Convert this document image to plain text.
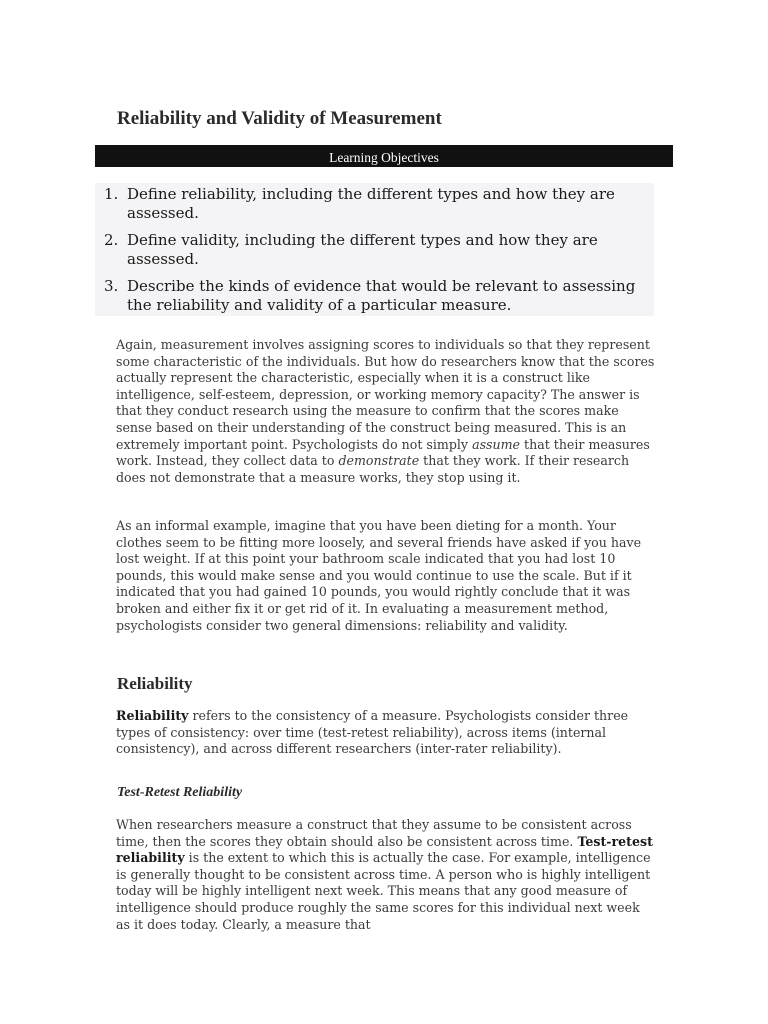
Reliability and Validity of Measurement
Learning Objectives
1. Define reliability, including the different types and how they are assessed.
2. Define validity, including the different types and how they are assessed.
3. Describe the kinds of evidence that would be relevant to assessing the reliability and validity of a particular measure.

Again, measurement involves assigning scores to individuals so that they represent some characteristic of the individuals. But how do researchers know that the scores actually represent the characteristic, especially when it is a construct like intelligence, self-esteem, depression, or working memory capacity? The answer is that they conduct research using the measure to confirm that the scores make sense based on their understanding of the construct being measured. This is an extremely important point. Psychologists do not simply assume that their measures work. Instead, they collect data to demonstrate that they work. If their research does not demonstrate that a measure works, they stop using it.

As an informal example, imagine that you have been dieting for a month. Your clothes seem to be fitting more loosely, and several friends have asked if you have lost weight. If at this point your bathroom scale indicated that you had lost 10 pounds, this would make sense and you would continue to use the scale. But if it indicated that you had gained 10 pounds, you would rightly conclude that it was broken and either fix it or get rid of it. In evaluating a measurement method, psychologists consider two general dimensions: reliability and validity.

Reliability

Reliability refers to the consistency of a measure. Psychologists consider three types of consistency: over time (test-retest reliability), across items (internal consistency), and across different researchers (inter-rater reliability).

Test-Retest Reliability

When researchers measure a construct that they assume to be consistent across time, then the scores they obtain should also be consistent across time. Test-retest reliability is the extent to which this is actually the case. For example, intelligence is generally thought to be consistent across time. A person who is highly intelligent today will be highly intelligent next week. This means that any good measure of intelligence should produce roughly the same scores for this individual next week as it does today. Clearly, a measure that
